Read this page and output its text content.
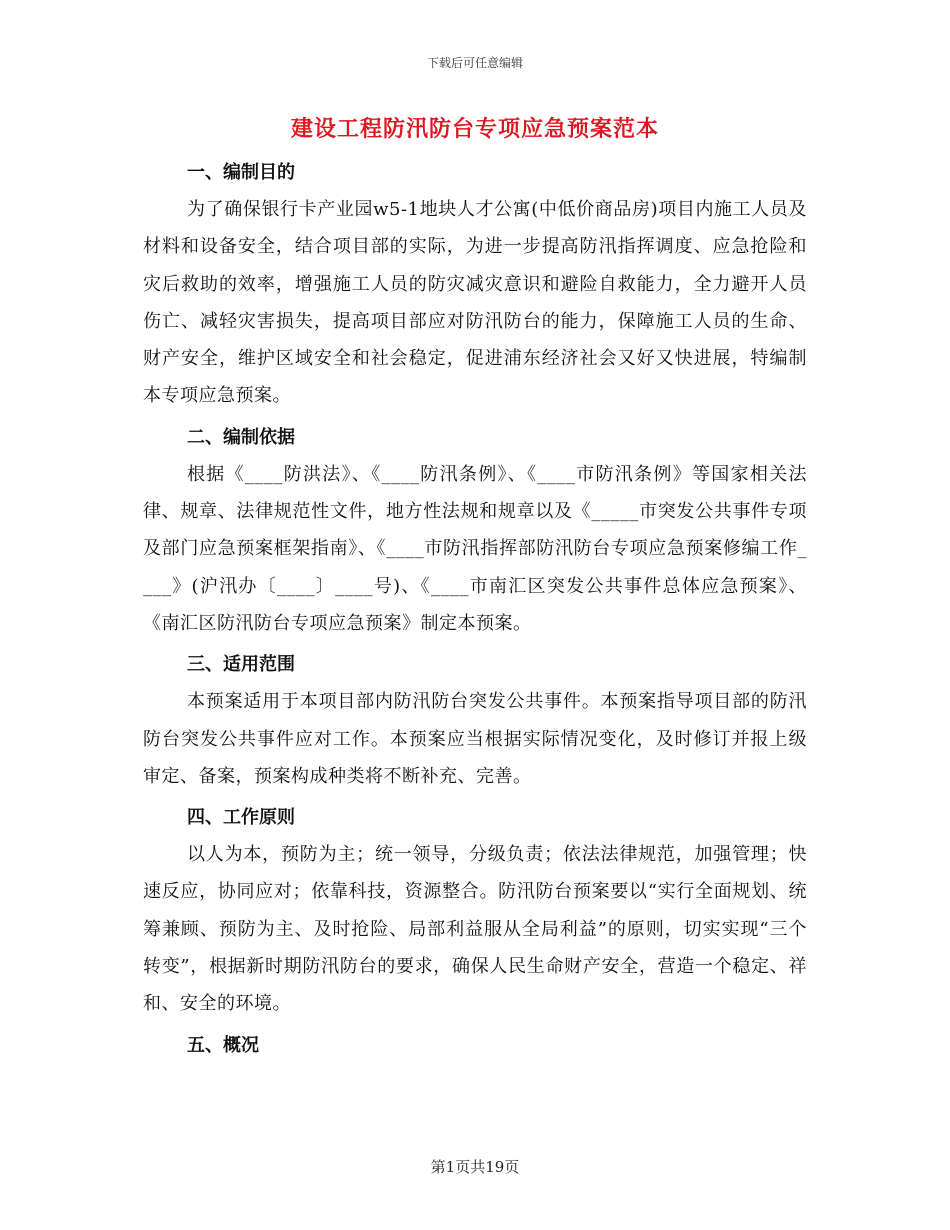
下载后可任意编辑
建设工程防汛防台专项应急预案范本
一、编制目的

为了确保银行卡产业园w5-1地块人才公寓(中低价商品房)项目内施工人员及材料和设备安全，结合项目部的实际，为进一步提高防汛指挥调度、应急抢险和灾后救助的效率，增强施工人员的防灾减灾意识和避险自救能力，全力避开人员伤亡、减轻灾害损失，提高项目部应对防汛防台的能力，保障施工人员的生命、财产安全，维护区域安全和社会稳定，促进浦东经济社会又好又快进展，特编制本专项应急预案。

二、编制依据

根据《____防洪法》、《____防汛条例》、《____市防汛条例》等国家相关法律、规章、法律规范性文件，地方性法规和规章以及《_____市突发公共事件专项及部门应急预案框架指南》、《____市防汛指挥部防汛防台专项应急预案修编工作____》(沪汛办〔____〕____号)、《____市南汇区突发公共事件总体应急预案》、《南汇区防汛防台专项应急预案》制定本预案。

三、适用范围

本预案适用于本项目部内防汛防台突发公共事件。本预案指导项目部的防汛防台突发公共事件应对工作。本预案应当根据实际情况变化，及时修订并报上级审定、备案，预案构成种类将不断补充、完善。

四、工作原则

以人为本，预防为主；统一领导，分级负责；依法法律规范，加强管理；快速反应，协同应对；依靠科技，资源整合。防汛防台预案要以“实行全面规划、统筹兼顾、预防为主、及时抢险、局部利益服从全局利益”的原则，切实实现“三个转变”，根据新时期防汛防台的要求，确保人民生命财产安全，营造一个稳定、祥和、安全的环境。

五、概况
第1页共19页
